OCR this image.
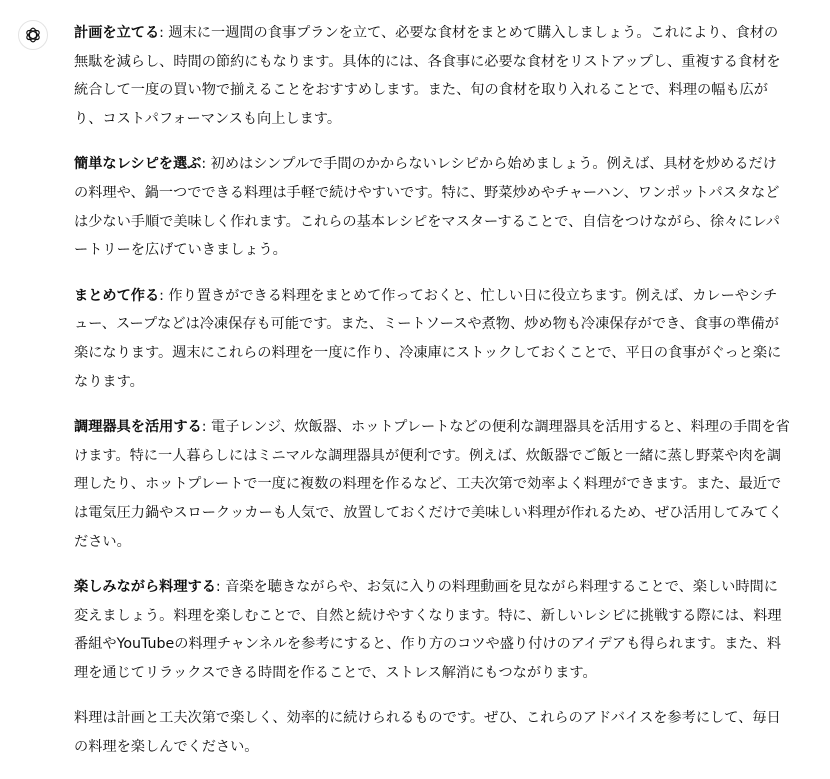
計画を立てる: 週末に一週間の食事プランを立て、必要な食材をまとめて購入しましょう。これにより、食材の無駄を減らし、時間の節約にもなります。具体的には、各食事に必要な食材をリストアップし、重複する食材を統合して一度の買い物で揃えることをおすすめします。また、旬の食材を取り入れることで、料理の幅も広がり、コストパフォーマンスも向上します。

簡単なレシピを選ぶ: 初めはシンプルで手間のかからないレシピから始めましょう。例えば、具材を炒めるだけの料理や、鍋一つでできる料理は手軽で続けやすいです。特に、野菜炒めやチャーハン、ワンポットパスタなどは少ない手順で美味しく作れます。これらの基本レシピをマスターすることで、自信をつけながら、徐々にレパートリーを広げていきましょう。

まとめて作る: 作り置きができる料理をまとめて作っておくと、忙しい日に役立ちます。例えば、カレーやシチュー、スープなどは冷凍保存も可能です。また、ミートソースや煮物、炒め物も冷凍保存ができ、食事の準備が楽になります。週末にこれらの料理を一度に作り、冷凍庫にストックしておくことで、平日の食事がぐっと楽になります。

調理器具を活用する: 電子レンジ、炊飯器、ホットプレートなどの便利な調理器具を活用すると、料理の手間を省けます。特に一人暮らしにはミニマルな調理器具が便利です。例えば、炊飯器でご飯と一緒に蒸し野菜や肉を調理したり、ホットプレートで一度に複数の料理を作るなど、工夫次第で効率よく料理ができます。また、最近では電気圧力鍋やスロークッカーも人気で、放置しておくだけで美味しい料理が作れるため、ぜひ活用してみてください。

楽しみながら料理する: 音楽を聴きながらや、お気に入りの料理動画を見ながら料理することで、楽しい時間に変えましょう。料理を楽しむことで、自然と続けやすくなります。特に、新しいレシピに挑戦する際には、料理番組やYouTubeの料理チャンネルを参考にすると、作り方のコツや盛り付けのアイデアも得られます。また、料理を通じてリラックスできる時間を作ることで、ストレス解消にもつながります。

料理は計画と工夫次第で楽しく、効率的に続けられるものです。ぜひ、これらのアドバイスを参考にして、毎日の料理を楽しんでください。
